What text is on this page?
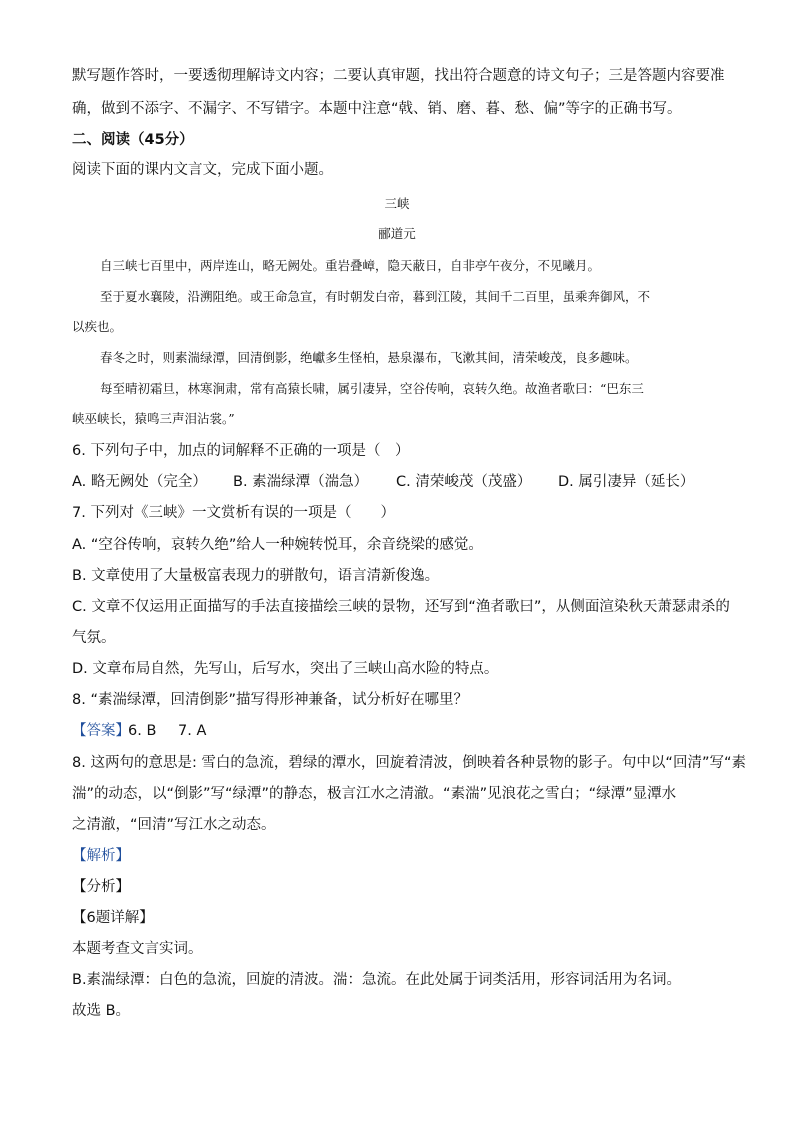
默写题作答时，一要透彻理解诗文内容；二要认真审题，找出符合题意的诗文句子；三是答题内容要准
确，做到不添字、不漏字、不写错字。本题中注意“戟、销、磨、暮、愁、偏”等字的正确书写。
二、阅读（45分）
阅读下面的课内文言文，完成下面小题。
三峡
郦道元
自三峡七百里中，两岸连山，略无阙处。重岩叠嶂，隐天蔽日，自非亭午夜分，不见曦月。
至于夏水襄陵，沿溯阻绝。或王命急宣，有时朝发白帝，暮到江陵，其间千二百里，虽乘奔御风，不
以疾也。
春冬之时，则素湍绿潭，回清倒影，绝巘多生怪柏，悬泉瀑布，飞漱其间，清荣峻茂，良多趣味。
每至晴初霜旦，林寒涧肃，常有高猿长啸，属引凄异，空谷传响，哀转久绝。故渔者歌曰：“巴东三
峡巫峡长，猿鸣三声泪沾裳。”
6. 下列句子中，加点的词解释不正确的一项是（　）
A. 略无阙处（完全） B. 素湍绿潭（湍急） C. 清荣峻茂（茂盛） D. 属引凄异（延长）
7. 下列对《三峡》一文赏析有误的一项是（　　）
A. “空谷传响，哀转久绝”给人一种婉转悦耳，余音绕梁的感觉。
B. 文章使用了大量极富表现力的骈散句，语言清新俊逸。
C. 文章不仅运用正面描写的手法直接描绘三峡的景物，还写到“渔者歌曰”，从侧面渲染秋天萧瑟肃杀的
气氛。
D. 文章布局自然，先写山，后写水，突出了三峡山高水险的特点。
8. “素湍绿潭，回清倒影”描写得形神兼备，试分析好在哪里？
【答案】
6. B 7. A
8. 这两句的意思是: 雪白的急流，碧绿的潭水，回旋着清波，倒映着各种景物的影子。句中以“回清”写“素
湍”的动态，以“倒影”写“绿潭”的静态，极言江水之清澈。“素湍”见浪花之雪白；“绿潭”显潭水
之清澈，“回清”写江水之动态。
【解析】
【分析】
【6题详解】
本题考查文言实词。
B.素湍绿潭：白色的急流，回旋的清波。湍：急流。在此处属于词类活用，形容词活用为名词。
故选 B。
